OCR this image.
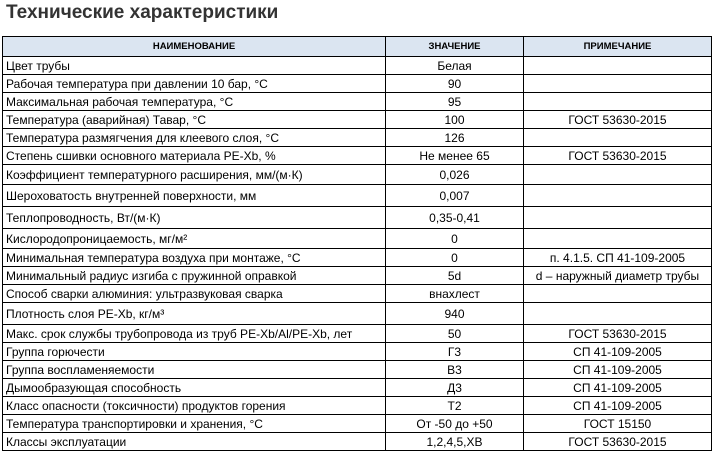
Технические характеристики
НАИМЕНОВАНИЕ	ЗНАЧЕНИЕ	ПРИМЕЧАНИЕ
Цвет трубы	Белая	
Рабочая температура при давлении 10 бар, °C	90	
Максимальная рабочая температура, °C	95	
Температура (аварийная) Тавар, °C	100	ГОСТ 53630-2015
Температура размягчения для клеевого слоя, °C	126	
Степень сшивки основного материала PE-Xb, %	Не менее 65	ГОСТ 53630-2015
Коэффициент температурного расширения, мм/(м·К)	0,026	
Шероховатость внутренней поверхности, мм	0,007	
Теплопроводность, Вт/(м·К)	0,35-0,41	
Кислородопроницаемость, мг/м²	0	
Минимальная температура воздуха при монтаже, °C	0	п. 4.1.5. СП 41-109-2005
Минимальный радиус изгиба с пружинной оправкой	5d	d – наружный диаметр трубы
Способ сварки алюминия: ультразвуковая сварка	внахлест	
Плотность слоя PE-Xb, кг/м³	940	
Макс. срок службы трубопровода из труб PE-Xb/Al/PE-Xb, лет	50	ГОСТ 53630-2015
Группа горючести	Г3	СП 41-109-2005
Группа воспламеняемости	В3	СП 41-109-2005
Дымообразующая способность	Д3	СП 41-109-2005
Класс опасности (токсичности) продуктов горения	Т2	СП 41-109-2005
Температура транспортировки и хранения, °C	От -50 до +50	ГОСТ 15150
Классы эксплуатации	1,2,4,5,ХВ	ГОСТ 53630-2015
